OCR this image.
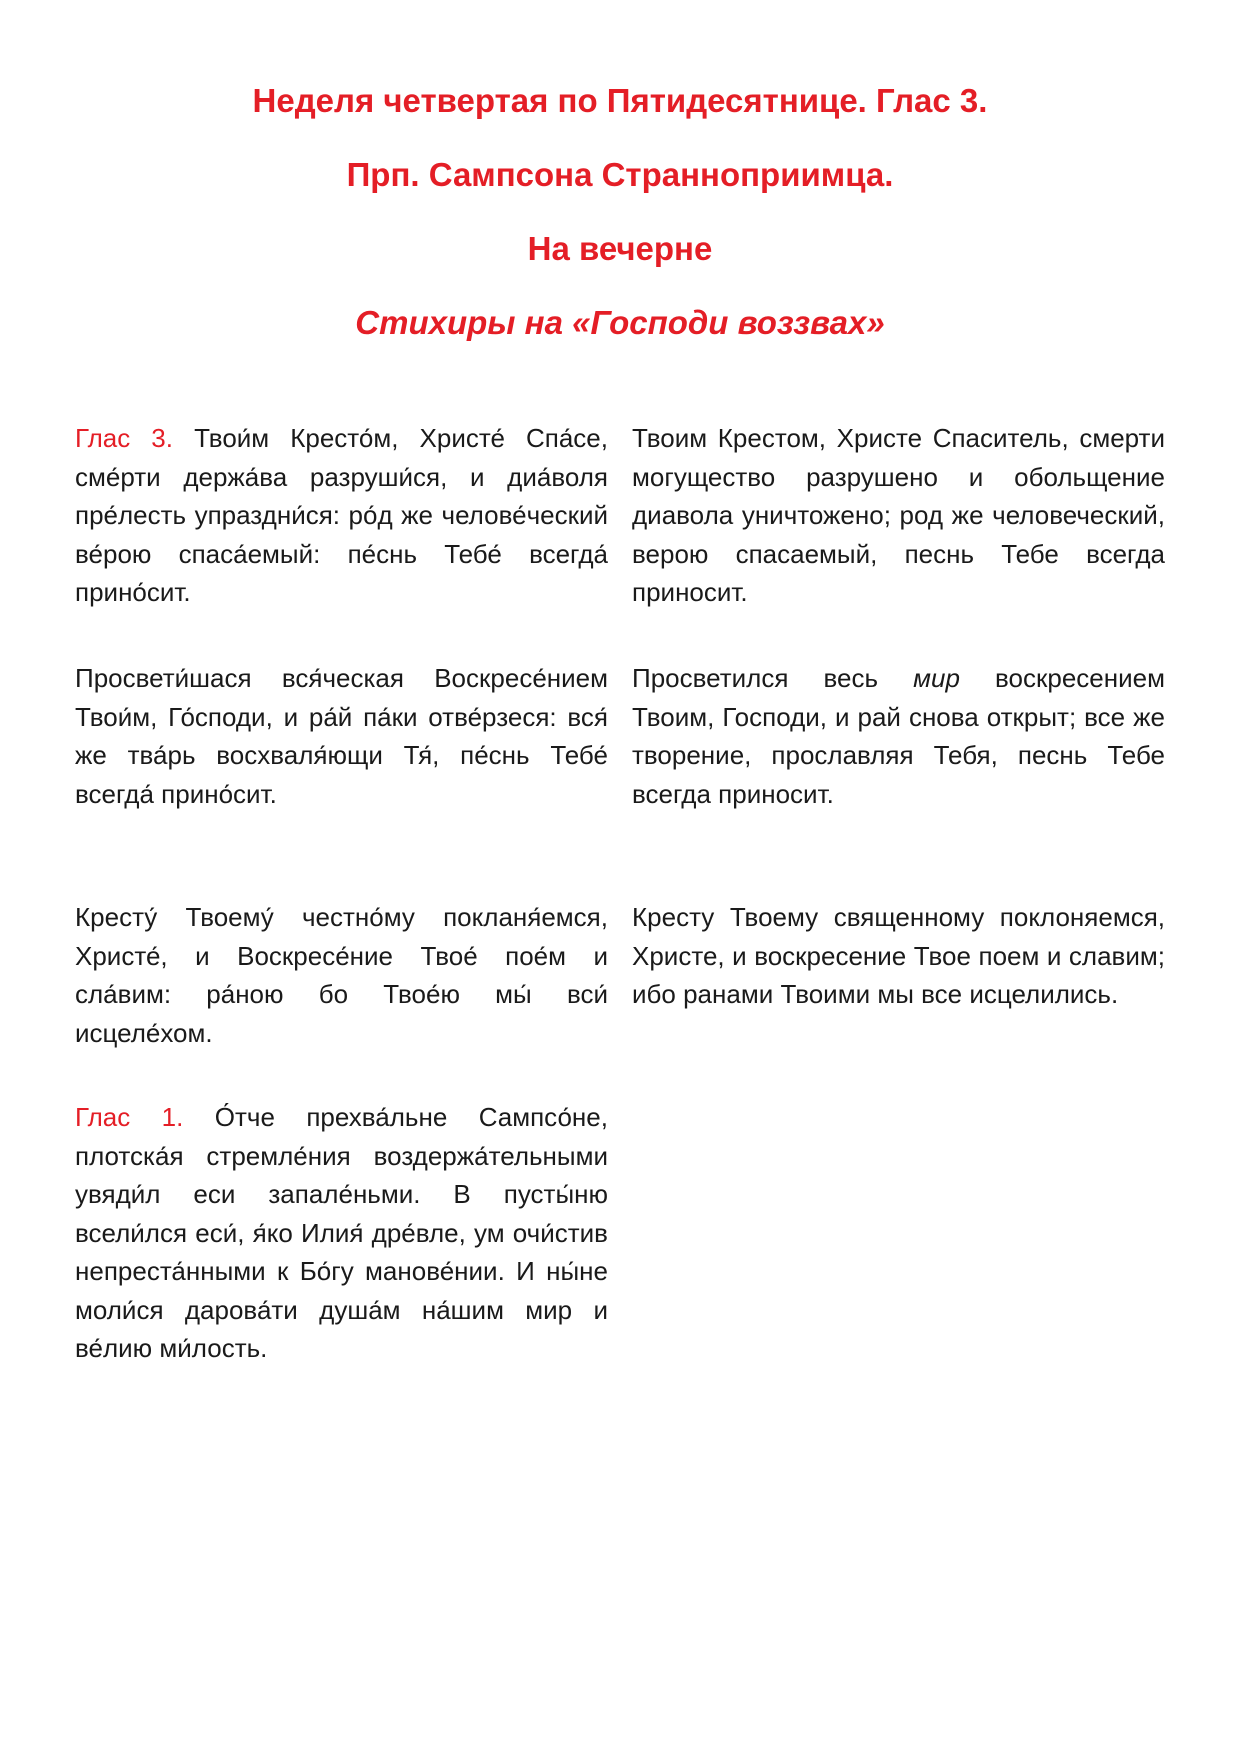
Неделя четвертая по Пятидесятнице. Глас 3.
Прп. Сампсона Странноприимца.
На вечерне
Стихиры на «Господи воззвах»
Глас 3. Твои́м Кресто́м, Христе́ Спа́се, сме́рти держа́ва разруши́ся, и диа́воля пре́лесть упраздни́ся: ро́д же челове́ческий ве́рою спаса́емый: пе́снь Тебе́ всегда́ прино́сит.
Твоим Крестом, Христе Спаситель, смерти могущество разрушено и обольщение диавола уничтожено; род же человеческий, верою спасаемый, песнь Тебе всегда приносит.
Просвети́шася вся́ческая Воскресе́нием Твои́м, Го́споди, и ра́й па́ки отве́рзеся: вся́ же тва́рь восхваля́ющи Тя́, пе́снь Тебе́ всегда́ прино́сит.
Просветился весь мир воскресением Твоим, Господи, и рай снова открыт; все же творение, прославляя Тебя, песнь Тебе всегда приносит.
Кресту́ Твоему́ честно́му покланя́емся, Христе́, и Воскресе́ние Твое́ пое́м и сла́вим: ра́ною бо Твое́ю мы́ вси́ исцеле́хом.
Кресту Твоему священному поклоняемся, Христе, и воскресение Твое поем и славим; ибо ранами Твоими мы все исцелились.
Глас 1. О́тче прехва́льне Сампсо́не, плотска́я стремле́ния воздержа́тельными увяди́л еси запале́ньми. В пусты́ню всели́лся еси́, я́ко Илия́ дре́вле, ум очи́стив непреста́нными к Бо́гу манове́нии. И ны́не моли́ся дарова́ти душа́м на́шим мир и ве́лию ми́лость.
